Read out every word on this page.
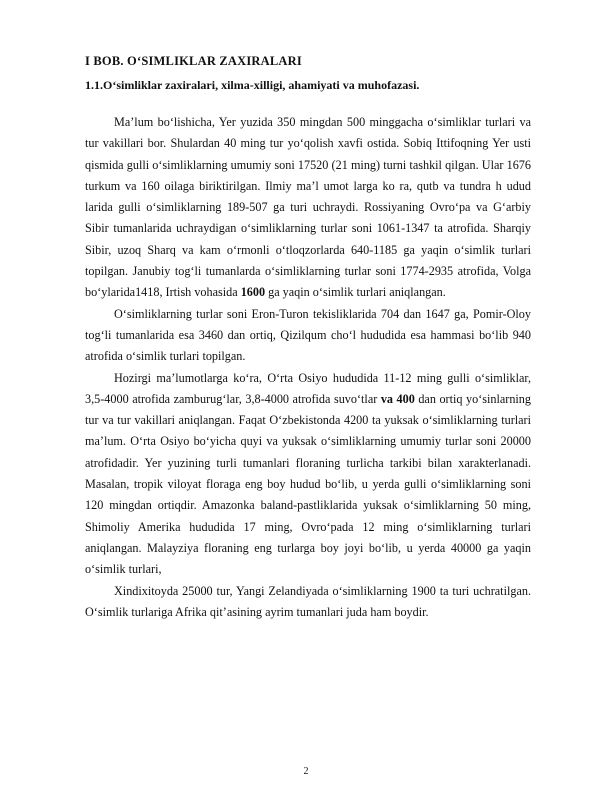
I BOB. O‘SIMLIKLAR ZAXIRALARI
1.1.O‘simliklar zaxiralari, xilma-xilligi, ahamiyati va muhofazasi.

Ma’lum bo‘lishicha, Yer yuzida 350 mingdan 500 minggacha o‘simliklar turlari va tur vakillari bor. Shulardan 40 ming tur yo‘qolish xavfi ostida. Sobiq Ittifoqning Yer usti qismida gulli o‘simliklarning umumiy soni 17520 (21 ming) turni tashkil qilgan. Ular 1676 turkum va 160 oilaga biriktirilgan. Ilmiy ma’l umot larga ko ra, qutb va tundra h udud larida gulli o‘simliklarning 189-507 ga turi uchraydi. Rossiyaning Ovro‘pa va G‘arbiy Sibir tumanlarida uchraydigan o‘simliklarning turlar soni 1061-1347 ta atrofida. Sharqiy Sibir, uzoq Sharq va kam o‘rmonli o‘tloqzorlarda 640-1185 ga yaqin o‘simlik turlari topilgan. Janubiy tog‘li tumanlarda o‘simliklarning turlar soni 1774-2935 atrofida, Volga bo‘ylarida1418, Irtish vohasida 1600 ga yaqin o‘simlik turlari aniqlangan.

O‘simliklarning turlar soni Eron-Turon tekisliklarida 704 dan 1647 ga, Pomir-Oloy tog‘li tumanlarida esa 3460 dan ortiq, Qizilqum cho‘l hududida esa hammasi bo‘lib 940 atrofida o‘simlik turlari topilgan.

Hozirgi ma’lumotlarga ko‘ra, O‘rta Osiyo hududida 11-12 ming gulli o‘simliklar, 3,5-4000 atrofida zamburug‘lar, 3,8-4000 atrofida suvo‘tlar va 400 dan ortiq yo‘sinlarning tur va tur vakillari aniqlangan. Faqat O‘zbekistonda 4200 ta yuksak o‘simliklarning turlari ma’lum. O‘rta Osiyo bo‘yicha quyi va yuksak o‘simliklarning umumiy turlar soni 20000 atrofidadir. Yer yuzining turli tumanlari floraning turlicha tarkibi bilan xarakterlanadi. Masalan, tropik viloyat floraga eng boy hudud bo‘lib, u yerda gulli o‘simliklarning soni 120 mingdan ortiqdir. Amazonka baland-pastliklarida yuksak o‘simliklarning 50 ming, Shimoliy Amerika hududida 17 ming, Ovro‘pada 12 ming o‘simliklarning turlari aniqlangan. Malayziya floraning eng turlarga boy joyi bo‘lib, u yerda 40000 ga yaqin o‘simlik turlari,

Xindixitoyda 25000 tur, Yangi Zelandiyada o‘simliklarning 1900 ta turi uchratilgan. O‘simlik turlariga Afrika qit’asining ayrim tumanlari juda ham boydir.

2
